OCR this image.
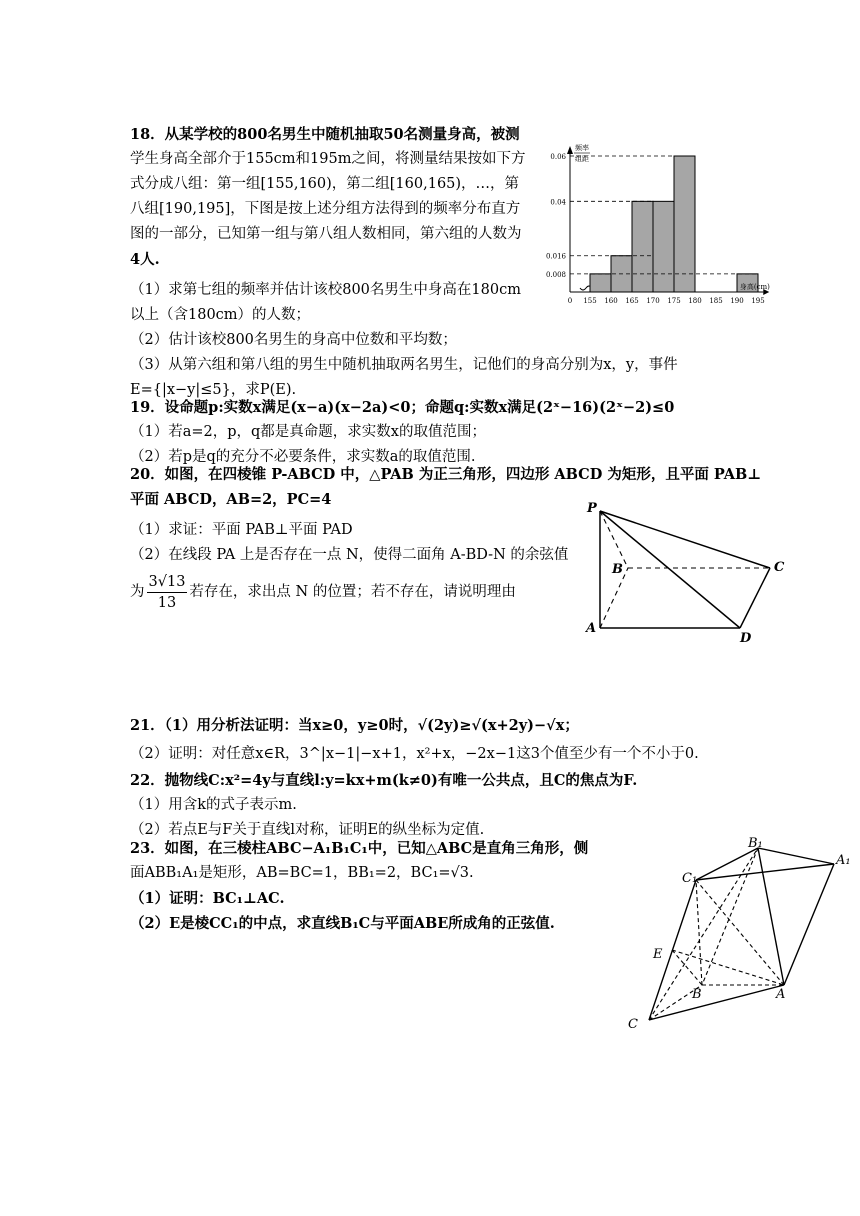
18．从某学校的800名男生中随机抽取50名测量身高，被测

学生身高全部介于155cm和195m之间，将测量结果按如下方

式分成八组：第一组[155,160)，第二组[160,165)，…，第

八组[190,195]，下图是按上述分组方法得到的频率分布直方

图的一部分，已知第一组与第八组人数相同，第六组的人数为

4人.

（1）求第七组的频率并估计该校800名男生中身高在180cm

以上（含180cm）的人数；

（2）估计该校800名男生的身高中位数和平均数；

（3）从第六组和第八组的男生中随机抽取两名男生，记他们的身高分别为x，y，事件

E={|x−y|≤5}，求P(E).

0.008
0.016
0.04
0.06
0 155 160 165 170 175 180 185 190 195
频率
组距
身高(cm)

19．设命题p:实数x满足(x−a)(x−2a)<0；命题q:实数x满足(2ˣ−16)(2ˣ−2)≤0

（1）若a=2，p，q都是真命题，求实数x的取值范围；

（2）若p是q的充分不必要条件，求实数a的取值范围.

20．如图，在四棱锥 P-ABCD 中，△PAB 为正三角形，四边形 ABCD 为矩形，且平面 PAB⊥

平面 ABCD，AB=2，PC=4

（1）求证：平面 PAB⊥平面 PAD

（2）在线段 PA 上是否存在一点 N，使得二面角 A-BD-N 的余弦值

为 $\frac{3√13}{13}$ 若存在，求出点 N 的位置；若不存在，请说明理由

P
B	C
A
D

21．（1）用分析法证明：当x≥0，y≥0时，√(2y)≥√(x+2y)−√x；

（2）证明：对任意x∈R，3^|x−1|−x+1，x²+x，−2x−1这3个值至少有一个不小于0.

22．抛物线C:x²=4y与直线l:y=kx+m(k≠0)有唯一公共点，且C的焦点为F.

（1）用含k的式子表示m.

（2）若点E与F关于直线l对称，证明E的纵坐标为定值.

23．如图，在三棱柱ABC−A₁B₁C₁中，已知△ABC是直角三角形，侧

面ABB₁A₁是矩形，AB=BC=1，BB₁=2，BC₁=√3.

（1）证明：BC₁⊥AC.

（2）E是棱CC₁的中点，求直线B₁C与平面ABE所成角的正弦值.

B₁
A₁
C₁
E
B	A
C
